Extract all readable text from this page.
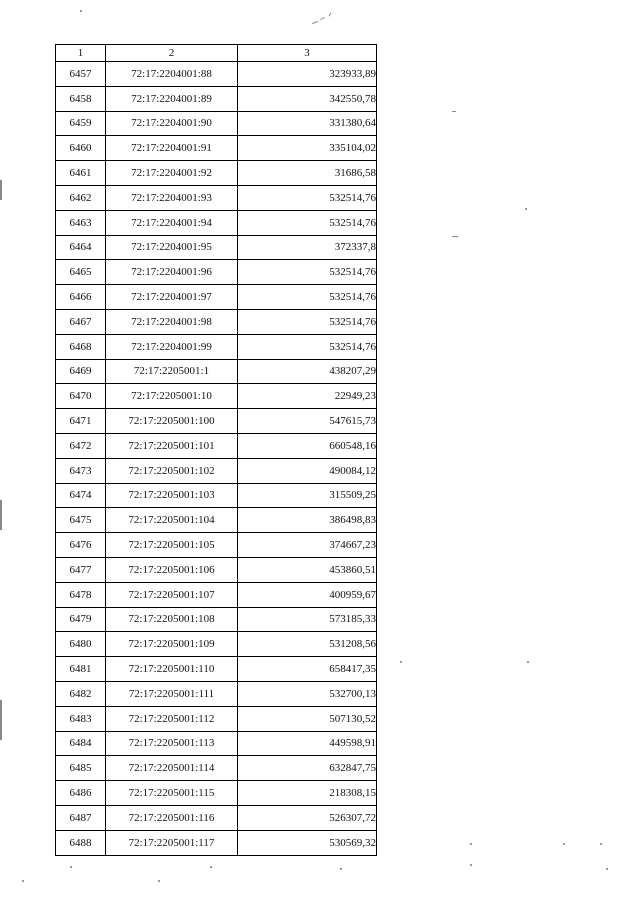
1	2	3
6457	72:17:2204001:88	323933,89
6458	72:17:2204001:89	342550,78
6459	72:17:2204001:90	331380,64
6460	72:17:2204001:91	335104,02
6461	72:17:2204001:92	31686,58
6462	72:17:2204001:93	532514,76
6463	72:17:2204001:94	532514,76
6464	72:17:2204001:95	372337,8
6465	72:17:2204001:96	532514,76
6466	72:17:2204001:97	532514,76
6467	72:17:2204001:98	532514,76
6468	72:17:2204001:99	532514,76
6469	72:17:2205001:1	438207,29
6470	72:17:2205001:10	22949,23
6471	72:17:2205001:100	547615,73
6472	72:17:2205001:101	660548,16
6473	72:17:2205001:102	490084,12
6474	72:17:2205001:103	315509,25
6475	72:17:2205001:104	386498,83
6476	72:17:2205001:105	374667,23
6477	72:17:2205001:106	453860,51
6478	72:17:2205001:107	400959,67
6479	72:17:2205001:108	573185,33
6480	72:17:2205001:109	531208,56
6481	72:17:2205001:110	658417,35
6482	72:17:2205001:111	532700,13
6483	72:17:2205001:112	507130,52
6484	72:17:2205001:113	449598,91
6485	72:17:2205001:114	632847,75
6486	72:17:2205001:115	218308,15
6487	72:17:2205001:116	526307,72
6488	72:17:2205001:117	530569,32
